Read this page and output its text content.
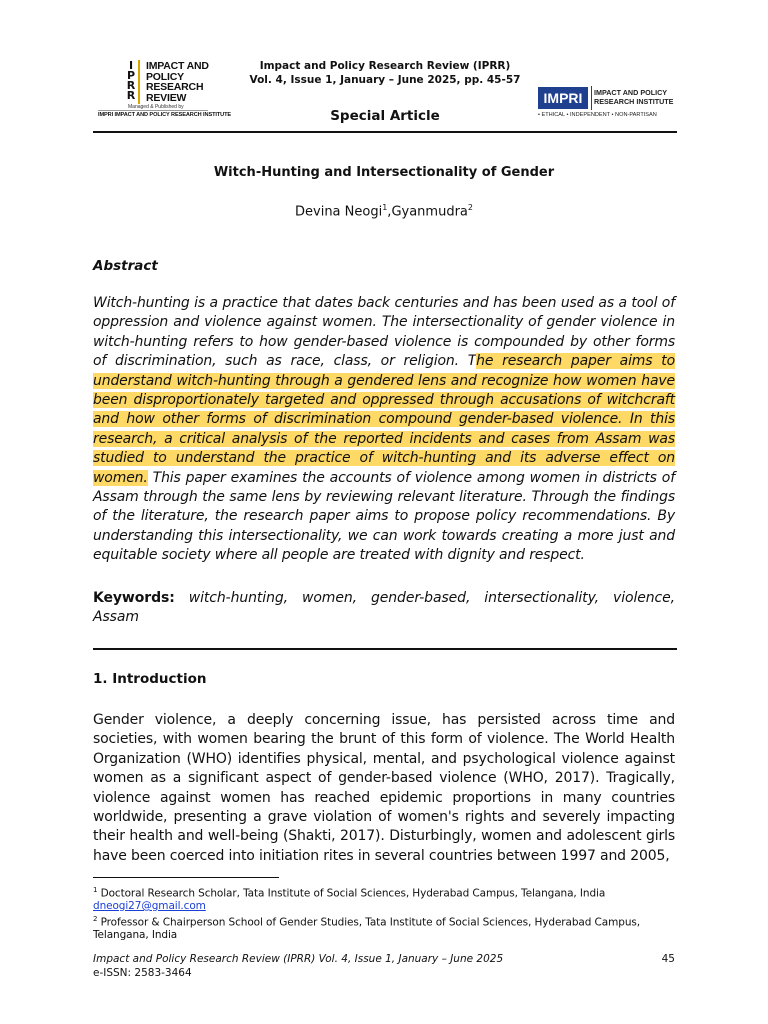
I
P
R
R
IMPACT AND
POLICY
RESEARCH
REVIEW
Managed & Published by
IMPRI IMPACT AND POLICY RESEARCH INSTITUTE
Impact and Policy Research Review (IPRR)
Vol. 4, Issue 1, January – June 2025, pp. 45-57
Special Article
IMPRI	IMPACT AND POLICY
RESEARCH INSTITUTE
• ETHICAL • INDEPENDENT • NON-PARTISAN
Witch-Hunting and Intersectionality of Gender
Devina Neogi$^1$,Gyanmudra$^2$
Abstract
Witch-hunting is a practice that dates back centuries and has been used as a tool of oppression and violence against women. The intersectionality of gender violence in witch-hunting refers to how gender-based violence is compounded by other forms of discrimination, such as race, class, or religion. The research paper aims to understand witch-hunting through a gendered lens and recognize how women have been disproportionately targeted and oppressed through accusations of witchcraft and how other forms of discrimination compound gender-based violence. In this research, a critical analysis of the reported incidents and cases from Assam was studied to understand the practice of witch-hunting and its adverse effect on women. This paper examines the accounts of violence among women in districts of Assam through the same lens by reviewing relevant literature. Through the findings of the literature, the research paper aims to propose policy recommendations. By understanding this intersectionality, we can work towards creating a more just and equitable society where all people are treated with dignity and respect.
Keywords: witch-hunting, women, gender-based, intersectionality, violence, Assam
1. Introduction
Gender violence, a deeply concerning issue, has persisted across time and societies, with women bearing the brunt of this form of violence. The World Health Organization (WHO) identifies physical, mental, and psychological violence against women as a significant aspect of gender-based violence (WHO, 2017). Tragically, violence against women has reached epidemic proportions in many countries worldwide, presenting a grave violation of women's rights and severely impacting their health and well-being (Shakti, 2017). Disturbingly, women and adolescent girls have been coerced into initiation rites in several countries between 1997 and 2005,
$^1$ Doctoral Research Scholar, Tata Institute of Social Sciences, Hyderabad Campus, Telangana, India
dneogi27@gmail.com
$^2$ Professor & Chairperson School of Gender Studies, Tata Institute of Social Sciences, Hyderabad Campus, Telangana, India
Impact and Policy Research Review (IPRR) Vol. 4, Issue 1, January – June 2025
e-ISSN: 2583-3464
45
